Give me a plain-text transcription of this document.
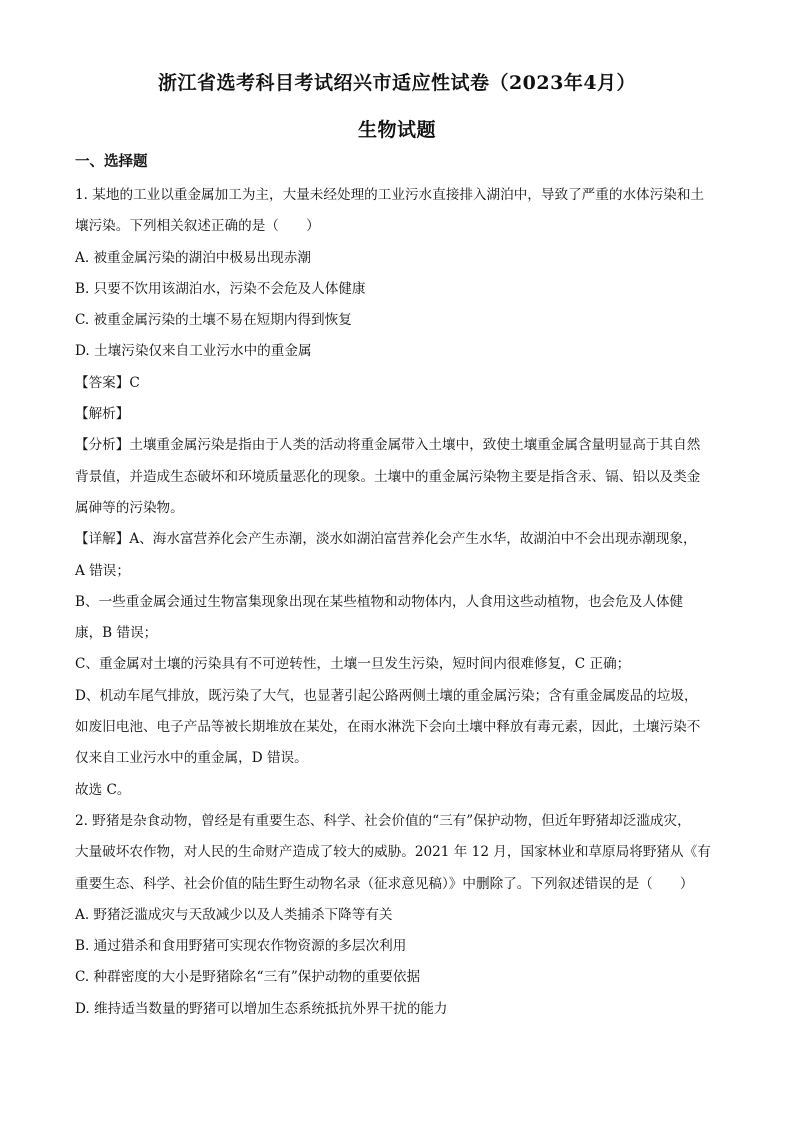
浙江省选考科目考试绍兴市适应性试卷（2023年4月）
生物试题
一、选择题

1. 某地的工业以重金属加工为主，大量未经处理的工业污水直接排入湖泊中，导致了严重的水体污染和土

壤污染。下列相关叙述正确的是（　　）

A. 被重金属污染的湖泊中极易出现赤潮

B. 只要不饮用该湖泊水，污染不会危及人体健康

C. 被重金属污染的土壤不易在短期内得到恢复

D. 土壤污染仅来自工业污水中的重金属

【答案】C

【解析】

【分析】土壤重金属污染是指由于人类的活动将重金属带入土壤中，致使土壤重金属含量明显高于其自然

背景值，并造成生态破坏和环境质量恶化的现象。土壤中的重金属污染物主要是指含汞、镉、铅以及类金

属砷等的污染物。

【详解】A、海水富营养化会产生赤潮，淡水如湖泊富营养化会产生水华，故湖泊中不会出现赤潮现象，

A 错误；

B、一些重金属会通过生物富集现象出现在某些植物和动物体内，人食用这些动植物，也会危及人体健

康，B 错误；

C、重金属对土壤的污染具有不可逆转性，土壤一旦发生污染，短时间内很难修复，C 正确；

D、机动车尾气排放，既污染了大气，也显著引起公路两侧土壤的重金属污染；含有重金属废品的垃圾，

如废旧电池、电子产品等被长期堆放在某处，在雨水淋洗下会向土壤中释放有毒元素，因此，土壤污染不

仅来自工业污水中的重金属，D 错误。

故选 C。

2. 野猪是杂食动物，曾经是有重要生态、科学、社会价值的“三有”保护动物，但近年野猪却泛滥成灾，

大量破坏农作物，对人民的生命财产造成了较大的威胁。2021 年 12 月，国家林业和草原局将野猪从《有

重要生态、科学、社会价值的陆生野生动物名录（征求意见稿）》中删除了。下列叙述错误的是（　　）

A. 野猪泛滥成灾与天敌减少以及人类捕杀下降等有关

B. 通过猎杀和食用野猪可实现农作物资源的多层次利用

C. 种群密度的大小是野猪除名“三有”保护动物的重要依据

D. 维持适当数量的野猪可以增加生态系统抵抗外界干扰的能力
